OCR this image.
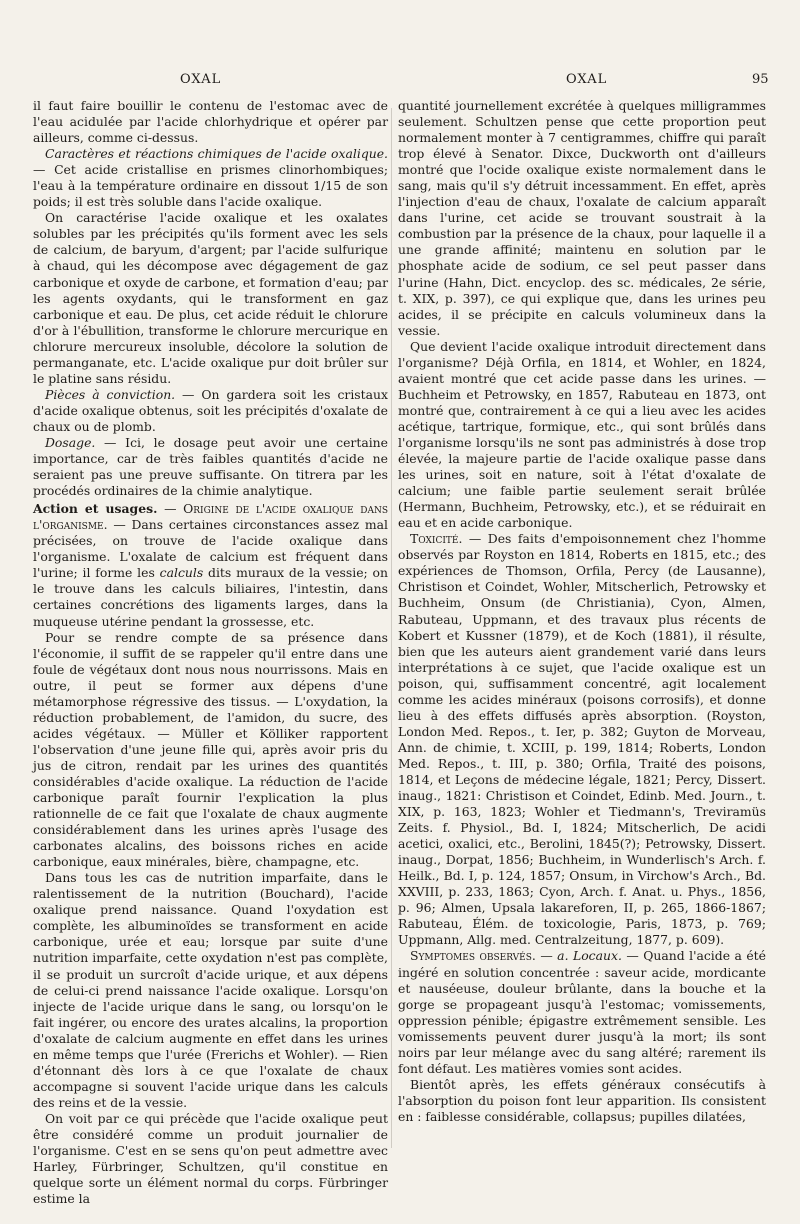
OXAL	OXAL	95

il faut faire bouillir le contenu de l'estomac avec de l'eau acidulée par l'acide chlorhydrique et opérer par ailleurs, comme ci-dessus.

Caractères et réactions chimiques de l'acide oxalique. — Cet acide cristallise en prismes clinorhombiques; l'eau à la température ordinaire en dissout 1/15 de son poids; il est très soluble dans l'acide oxalique.

On caractérise l'acide oxalique et les oxalates solubles par les précipités qu'ils forment avec les sels de calcium, de baryum, d'argent; par l'acide sulfurique à chaud, qui les décompose avec dégagement de gaz carbonique et oxyde de carbone, et formation d'eau; par les agents oxydants, qui le transforment en gaz carbonique et eau. De plus, cet acide réduit le chlorure d'or à l'ébullition, transforme le chlorure mercurique en chlorure mercureux insoluble, décolore la solution de permanganate, etc. L'acide oxalique pur doit brûler sur le platine sans résidu.

Pièces à conviction. — On gardera soit les cristaux d'acide oxalique obtenus, soit les précipités d'oxalate de chaux ou de plomb.

Dosage. — Ici, le dosage peut avoir une certaine importance, car de très faibles quantités d'acide ne seraient pas une preuve suffisante. On titrera par les procédés ordinaires de la chimie analytique.

Action et usages. — Origine de l'acide oxalique dans l'organisme. — Dans certaines circonstances assez mal précisées, on trouve de l'acide oxalique dans l'organisme. L'oxalate de calcium est fréquent dans l'urine; il forme les calculs dits muraux de la vessie; on le trouve dans les calculs biliaires, l'intestin, dans certaines concrétions des ligaments larges, dans la muqueuse utérine pendant la grossesse, etc.

Pour se rendre compte de sa présence dans l'économie, il suffit de se rappeler qu'il entre dans une foule de végétaux dont nous nous nourrissons. Mais en outre, il peut se former aux dépens d'une métamorphose régressive des tissus. — L'oxydation, la réduction probablement, de l'amidon, du sucre, des acides végétaux. — Müller et Kölliker rapportent l'observation d'une jeune fille qui, après avoir pris du jus de citron, rendait par les urines des quantités considérables d'acide oxalique. La réduction de l'acide carbonique paraît fournir l'explication la plus rationnelle de ce fait que l'oxalate de chaux augmente considérablement dans les urines après l'usage des carbonates alcalins, des boissons riches en acide carbonique, eaux minérales, bière, champagne, etc.

Dans tous les cas de nutrition imparfaite, dans le ralentissement de la nutrition (Bouchard), l'acide oxalique prend naissance. Quand l'oxydation est complète, les albuminoïdes se transforment en acide carbonique, urée et eau; lorsque par suite d'une nutrition imparfaite, cette oxydation n'est pas complète, il se produit un surcroît d'acide urique, et aux dépens de celui-ci prend naissance l'acide oxalique. Lorsqu'on injecte de l'acide urique dans le sang, ou lorsqu'on le fait ingérer, ou encore des urates alcalins, la proportion d'oxalate de calcium augmente en effet dans les urines en même temps que l'urée (Frerichs et Wohler). — Rien d'étonnant dès lors à ce que l'oxalate de chaux accompagne si souvent l'acide urique dans les calculs des reins et de la vessie.

On voit par ce qui précède que l'acide oxalique peut être considéré comme un produit journalier de l'organisme. C'est en se sens qu'on peut admettre avec Harley, Fürbringer, Schultzen, qu'il constitue en quelque sorte un élément normal du corps. Fürbringer estime la

quantité journellement excrétée à quelques milligrammes seulement. Schultzen pense que cette proportion peut normalement monter à 7 centigrammes, chiffre qui paraît trop élevé à Senator. Dixce, Duckworth ont d'ailleurs montré que l'ocide oxalique existe normalement dans le sang, mais qu'il s'y détruit incessamment. En effet, après l'injection d'eau de chaux, l'oxalate de calcium apparaît dans l'urine, cet acide se trouvant soustrait à la combustion par la présence de la chaux, pour laquelle il a une grande affinité; maintenu en solution par le phosphate acide de sodium, ce sel peut passer dans l'urine (Hahn, Dict. encyclop. des sc. médicales, 2e série, t. XIX, p. 397), ce qui explique que, dans les urines peu acides, il se précipite en calculs volumineux dans la vessie.

Que devient l'acide oxalique introduit directement dans l'organisme? Déjà Orfila, en 1814, et Wohler, en 1824, avaient montré que cet acide passe dans les urines. — Buchheim et Petrowsky, en 1857, Rabuteau en 1873, ont montré que, contrairement à ce qui a lieu avec les acides acétique, tartrique, formique, etc., qui sont brûlés dans l'organisme lorsqu'ils ne sont pas administrés à dose trop élevée, la majeure partie de l'acide oxalique passe dans les urines, soit en nature, soit à l'état d'oxalate de calcium; une faible partie seulement serait brûlée (Hermann, Buchheim, Petrowsky, etc.), et se réduirait en eau et en acide carbonique.

Toxicité. — Des faits d'empoisonnement chez l'homme observés par Royston en 1814, Roberts en 1815, etc.; des expériences de Thomson, Orfila, Percy (de Lausanne), Christison et Coindet, Wohler, Mitscherlich, Petrowsky et Buchheim, Onsum (de Christiania), Cyon, Almen, Rabuteau, Uppmann, et des travaux plus récents de Kobert et Kussner (1879), et de Koch (1881), il résulte, bien que les auteurs aient grandement varié dans leurs interprétations à ce sujet, que l'acide oxalique est un poison, qui, suffisamment concentré, agit localement comme les acides minéraux (poisons corrosifs), et donne lieu à des effets diffusés après absorption. (Royston, London Med. Repos., t. Ier, p. 382; Guyton de Morveau, Ann. de chimie, t. XCIII, p. 199, 1814; Roberts, London Med. Repos., t. III, p. 380; Orfila, Traité des poisons, 1814, et Leçons de médecine légale, 1821; Percy, Dissert. inaug., 1821: Christison et Coindet, Edinb. Med. Journ., t. XIX, p. 163, 1823; Wohler et Tiedmann's, Treviramüs Zeits. f. Physiol., Bd. I, 1824; Mitscherlich, De acidi acetici, oxalici, etc., Berolini, 1845(?); Petrowsky, Dissert. inaug., Dorpat, 1856; Buchheim, in Wunderlisch's Arch. f. Heilk., Bd. I, p. 124, 1857; Onsum, in Virchow's Arch., Bd. XXVIII, p. 233, 1863; Cyon, Arch. f. Anat. u. Phys., 1856, p. 96; Almen, Upsala lakareforen, II, p. 265, 1866-1867; Rabuteau, Élém. de toxicologie, Paris, 1873, p. 769; Uppmann, Allg. med. Centralzeitung, 1877, p. 609).

Symptomes observés. — a. Locaux. — Quand l'acide a été ingéré en solution concentrée : saveur acide, mordicante et nauséeuse, douleur brûlante, dans la bouche et la gorge se propageant jusqu'à l'estomac; vomissements, oppression pénible; épigastre extrêmement sensible. Les vomissements peuvent durer jusqu'à la mort; ils sont noirs par leur mélange avec du sang altéré; rarement ils font défaut. Les matières vomies sont acides.

Bientôt après, les effets généraux consécutifs à l'absorption du poison font leur apparition. Ils consistent en : faiblesse considérable, collapsus; pupilles dilatées,
